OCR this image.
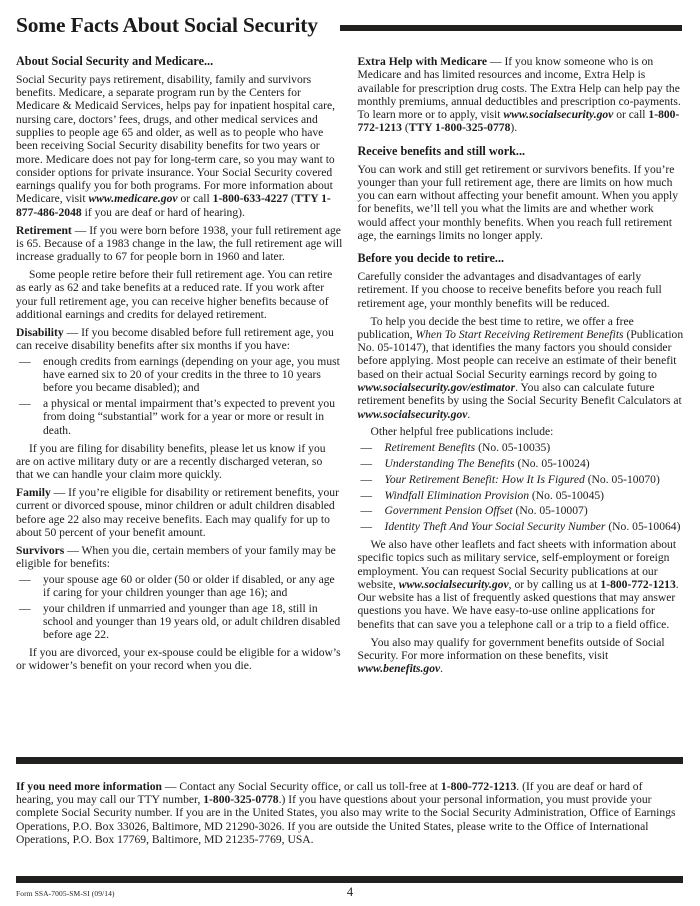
Some Facts About Social Security
About Social Security and Medicare...

Social Security pays retirement, disability, family and survivors benefits. Medicare, a separate program run by the Centers for Medicare & Medicaid Services, helps pay for inpatient hospital care, nursing care, doctors’ fees, drugs, and other medical services and supplies to people age 65 and older, as well as to people who have been receiving Social Security disability benefits for two years or more. Medicare does not pay for long-term care, so you may want to consider options for private insurance. Your Social Security covered earnings qualify you for both programs. For more information about Medicare, visit www.medicare.gov or call 1-800-633-4227 (TTY 1-877-486-2048 if you are deaf or hard of hearing).

Retirement — If you were born before 1938, your full retirement age is 65. Because of a 1983 change in the law, the full retirement age will increase gradually to 67 for people born in 1960 and later.

Some people retire before their full retirement age. You can retire as early as 62 and take benefits at a reduced rate. If you work after your full retirement age, you can receive higher benefits because of additional earnings and credits for delayed retirement.

Disability — If you become disabled before full retirement age, you can receive disability benefits after six months if you have:

— enough credits from earnings (depending on your age, you must have earned six to 20 of your credits in the three to 10 years before you became disabled); and
— a physical or mental impairment that’s expected to prevent you from doing “substantial” work for a year or more or result in death.

If you are filing for disability benefits, please let us know if you are on active military duty or are a recently discharged veteran, so that we can handle your claim more quickly.

Family — If you’re eligible for disability or retirement benefits, your current or divorced spouse, minor children or adult children disabled before age 22 also may receive benefits. Each may qualify for up to about 50 percent of your benefit amount.

Survivors — When you die, certain members of your family may be eligible for benefits:

— your spouse age 60 or older (50 or older if disabled, or any age if caring for your children younger than age 16); and
— your children if unmarried and younger than age 18, still in school and younger than 19 years old, or adult children disabled before age 22.

If you are divorced, your ex-spouse could be eligible for a widow’s or widower’s benefit on your record when you die.

Extra Help with Medicare — If you know someone who is on Medicare and has limited resources and income, Extra Help is available for prescription drug costs. The Extra Help can help pay the monthly premiums, annual deductibles and prescription co-payments. To learn more or to apply, visit www.socialsecurity.gov or call 1-800-772-1213 (TTY 1-800-325-0778).

Receive benefits and still work...

You can work and still get retirement or survivors benefits. If you’re younger than your full retirement age, there are limits on how much you can earn without affecting your benefit amount. When you apply for benefits, we’ll tell you what the limits are and whether work would affect your monthly benefits. When you reach full retirement age, the earnings limits no longer apply.

Before you decide to retire...

Carefully consider the advantages and disadvantages of early retirement. If you choose to receive benefits before you reach full retirement age, your monthly benefits will be reduced.

To help you decide the best time to retire, we offer a free publication, When To Start Receiving Retirement Benefits (Publication No. 05-10147), that identifies the many factors you should consider before applying. Most people can receive an estimate of their benefit based on their actual Social Security earnings record by going to www.socialsecurity.gov/estimator. You also can calculate future retirement benefits by using the Social Security Benefit Calculators at www.socialsecurity.gov.

Other helpful free publications include:

— Retirement Benefits (No. 05-10035)
— Understanding The Benefits (No. 05-10024)
— Your Retirement Benefit: How It Is Figured (No. 05-10070)
— Windfall Elimination Provision (No. 05-10045)
— Government Pension Offset (No. 05-10007)
— Identity Theft And Your Social Security Number (No. 05-10064)

We also have other leaflets and fact sheets with information about specific topics such as military service, self-employment or foreign employment. You can request Social Security publications at our website, www.socialsecurity.gov, or by calling us at 1-800-772-1213. Our website has a list of frequently asked questions that may answer questions you have. We have easy-to-use online applications for benefits that can save you a telephone call or a trip to a field office.

You also may qualify for government benefits outside of Social Security. For more information on these benefits, visit www.benefits.gov.

If you need more information — Contact any Social Security office, or call us toll-free at 1-800-772-1213. (If you are deaf or hard of hearing, you may call our TTY number, 1-800-325-0778.) If you have questions about your personal information, you must provide your complete Social Security number. If you are in the United States, you also may write to the Social Security Administration, Office of Earnings Operations, P.O. Box 33026, Baltimore, MD 21290-3026. If you are outside the United States, please write to the Office of International Operations, P.O. Box 17769, Baltimore, MD 21235-7769, USA.

Form SSA-7005-SM-SI (09/14)	4
